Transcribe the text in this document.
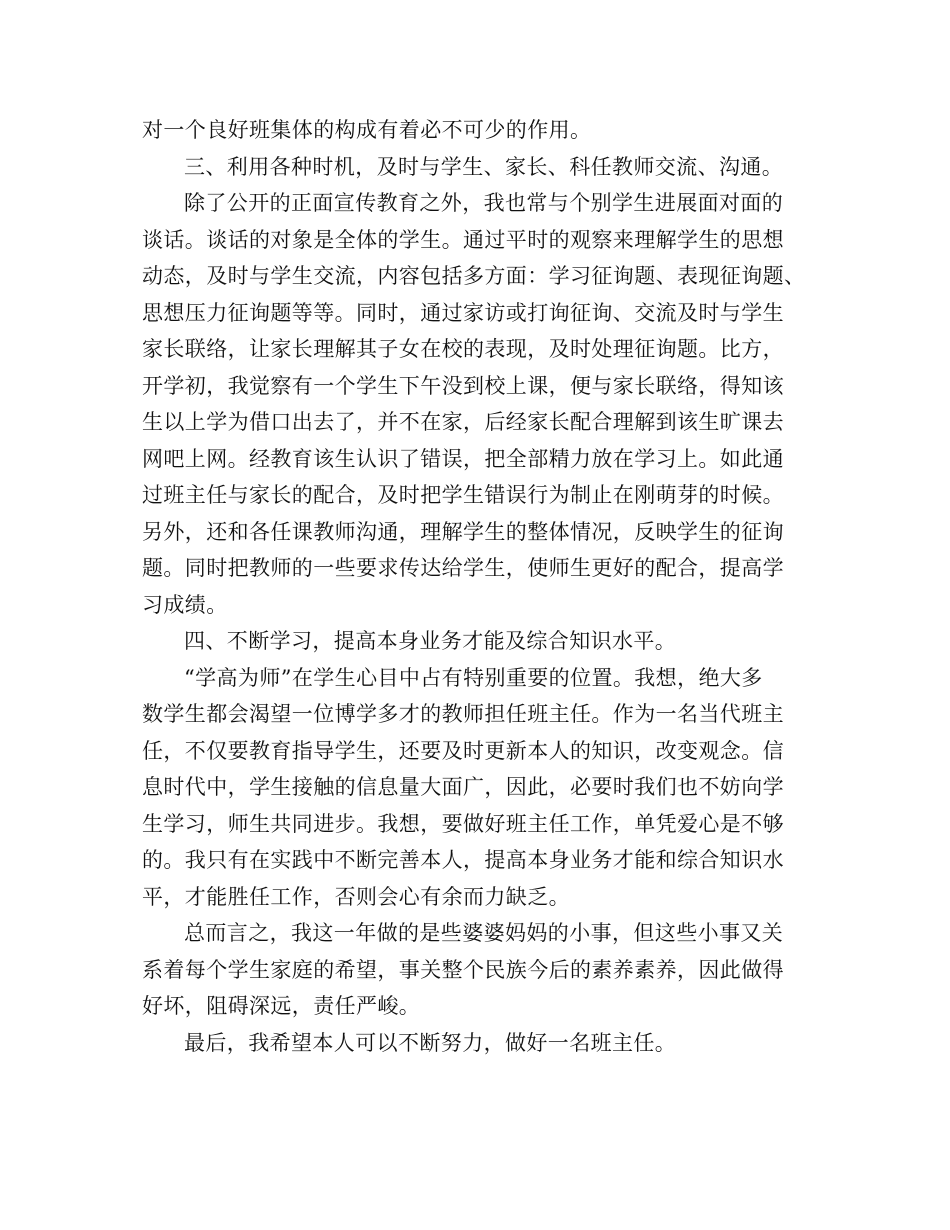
对一个良好班集体的构成有着必不可少的作用。
三、利用各种时机，及时与学生、家长、科任教师交流、沟通。
除了公开的正面宣传教育之外，我也常与个别学生进展面对面的
谈话。谈话的对象是全体的学生。通过平时的观察来理解学生的思想
动态，及时与学生交流，内容包括多方面：学习征询题、表现征询题、
思想压力征询题等等。同时，通过家访或打询征询、交流及时与学生
家长联络，让家长理解其子女在校的表现，及时处理征询题。比方，
开学初，我觉察有一个学生下午没到校上课，便与家长联络，得知该
生以上学为借口出去了，并不在家，后经家长配合理解到该生旷课去
网吧上网。经教育该生认识了错误，把全部精力放在学习上。如此通
过班主任与家长的配合，及时把学生错误行为制止在刚萌芽的时候。
另外，还和各任课教师沟通，理解学生的整体情况，反映学生的征询
题。同时把教师的一些要求传达给学生，使师生更好的配合，提高学
习成绩。
四、不断学习，提高本身业务才能及综合知识水平。
“学高为师”在学生心目中占有特别重要的位置。我想，绝大多
数学生都会渴望一位博学多才的教师担任班主任。作为一名当代班主
任，不仅要教育指导学生，还要及时更新本人的知识，改变观念。信
息时代中，学生接触的信息量大面广，因此，必要时我们也不妨向学
生学习，师生共同进步。我想，要做好班主任工作，单凭爱心是不够
的。我只有在实践中不断完善本人，提高本身业务才能和综合知识水
平，才能胜任工作，否则会心有余而力缺乏。
总而言之，我这一年做的是些婆婆妈妈的小事，但这些小事又关
系着每个学生家庭的希望，事关整个民族今后的素养素养，因此做得
好坏，阻碍深远，责任严峻。
最后，我希望本人可以不断努力，做好一名班主任。
